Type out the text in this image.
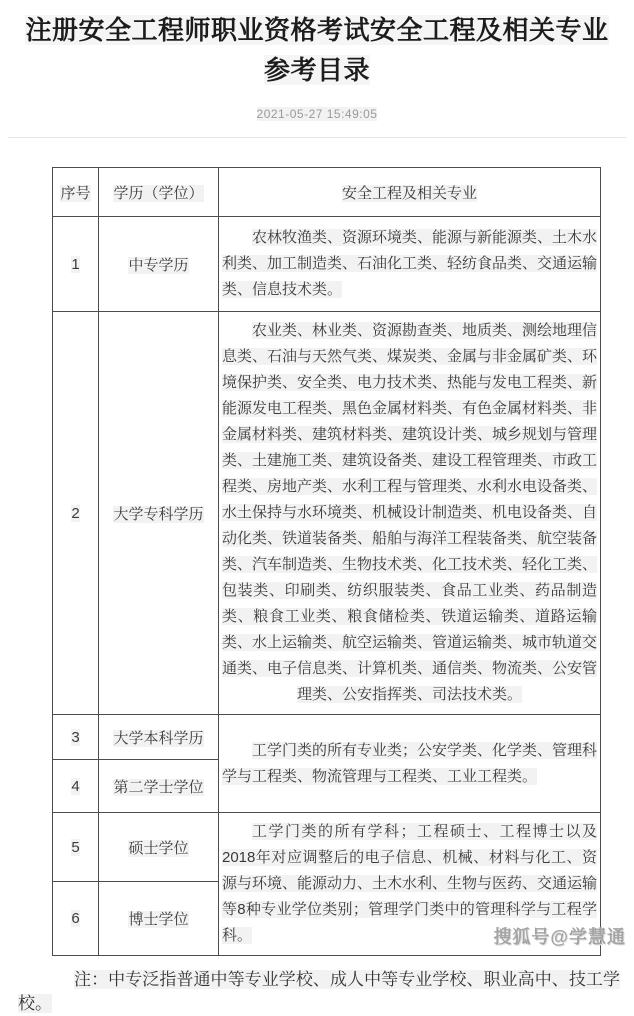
注册安全工程师职业资格考试安全工程及相关专业参考目录
2021-05-27 15:49:05
序号	学历（学位）	安全工程及相关专业
1	中专学历	农林牧渔类、资源环境类、能源与新能源类、土木水利类、加工制造类、石油化工类、轻纺食品类、交通运输类、信息技术类。

2	大学专科学历	农业类、林业类、资源勘查类、地质类、测绘地理信息类、石油与天然气类、煤炭类、金属与非金属矿类、环境保护类、安全类、电力技术类、热能与发电工程类、新能源发电工程类、黑色金属材料类、有色金属材料类、非金属材料类、建筑材料类、建筑设计类、城乡规划与管理类、土建施工类、建筑设备类、建设工程管理类、市政工程类、房地产类、水利工程与管理类、水利水电设备类、水土保持与水环境类、机械设计制造类、机电设备类、自动化类、铁道装备类、船舶与海洋工程装备类、航空装备类、汽车制造类、生物技术类、化工技术类、轻化工类、包装类、印刷类、纺织服装类、食品工业类、药品制造类、粮食工业类、粮食储检类、铁道运输类、道路运输类、水上运输类、航空运输类、管道运输类、城市轨道交通类、电子信息类、计算机类、通信类、物流类、公安管理类、公安指挥类、司法技术类。

3	大学本科学历	工学门类的所有专业类；公安学类、化学类、管理科学与工程类、物流管理与工程类、工业工程类。

4	第二学士学位	
5	硕士学位	工学门类的所有学科；工程硕士、工程博士以及2018年对应调整后的电子信息、机械、材料与化工、资源与环境、能源动力、土木水利、生物与医药、交通运输等8种专业学位类别；管理学门类中的管理科学与工程学科。

6	博士学位	

注：中专泛指普通中等专业学校、成人中等专业学校、职业高中、技工学校。

搜狐号@学慧通
